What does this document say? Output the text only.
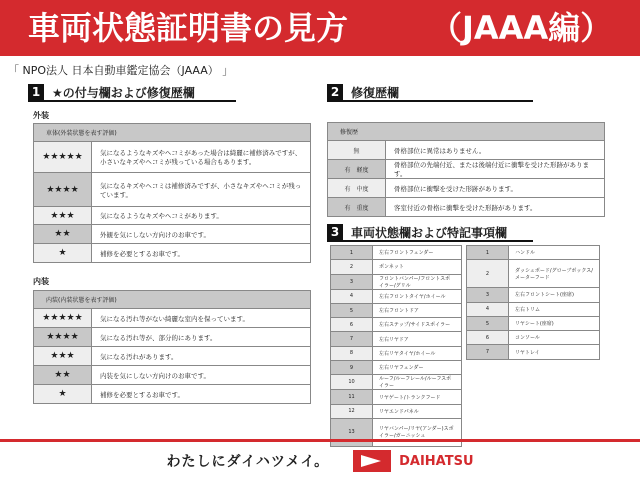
車両状態証明書の見方	（JAAA編）
「 NPO法人 日本自動車鑑定協会（JAAA） 」
1 ★の付与欄および修復歴欄	2 修復歴欄
3 車両状態欄および特記事項欄
外装
車体(外装状態を表す評価)	
★★★★★	気になるようなキズやヘコミがあった場合は綺麗に補修済みですが、小さいなキズやヘコミが残っている場合もあります。
★★★★	気になるキズやヘコミは補修済みですが、小さなキズやヘコミが残っています。
★★★	気になるようなキズやヘコミがあります。
★★	外観を気にしない方向けのお車です。
★	補修を必要とするお車です。
内装
内装(内装状態を表す評価)	
★★★★★	気になる汚れ等がない綺麗な室内を保っています。
★★★★	気になる汚れ等が、部分的にあります。
★★★	気になる汚れがあります。
★★	内装を気にしない方向けのお車です。
★	補修を必要とするお車です。
修復歴	
無	骨格部位に異常はありません。
有　軽度	骨格部位の先端付近、または後端付近に衝撃を受けた形跡があります。
有　中度	骨格部位に衝撃を受けた形跡があります。
有　重度	客室付近の骨格に衝撃を受けた形跡があります。
1	左右フロントフェンダー
2	ボンネット
3	フロントバンパー/フロントスポイラー/グリル
4	左右フロントタイヤ/ホイール
5	左右フロントドア
6	左右ステップ/サイドスポイラー
7	左右リヤドア
8	左右リヤタイヤ/ホイール
9	左右リヤフェンダー
10	ルーフ/ルーフレール/ルーフスポイラー
11	リヤゲート/トランクフード
12	リヤエンドパネル
13	リヤバンパー/リヤ(アンダー)スポイラー/ガーニッシュ
1	ハンドル
2	ダッシュボード/グローブボックス/メーターフード
3	左右フロントシート(座席)
4	左右トリム
5	リヤシート(座席)
6	コンソール
7	リヤトレイ
わたしにダイハツメイ。	DAIHATSU
